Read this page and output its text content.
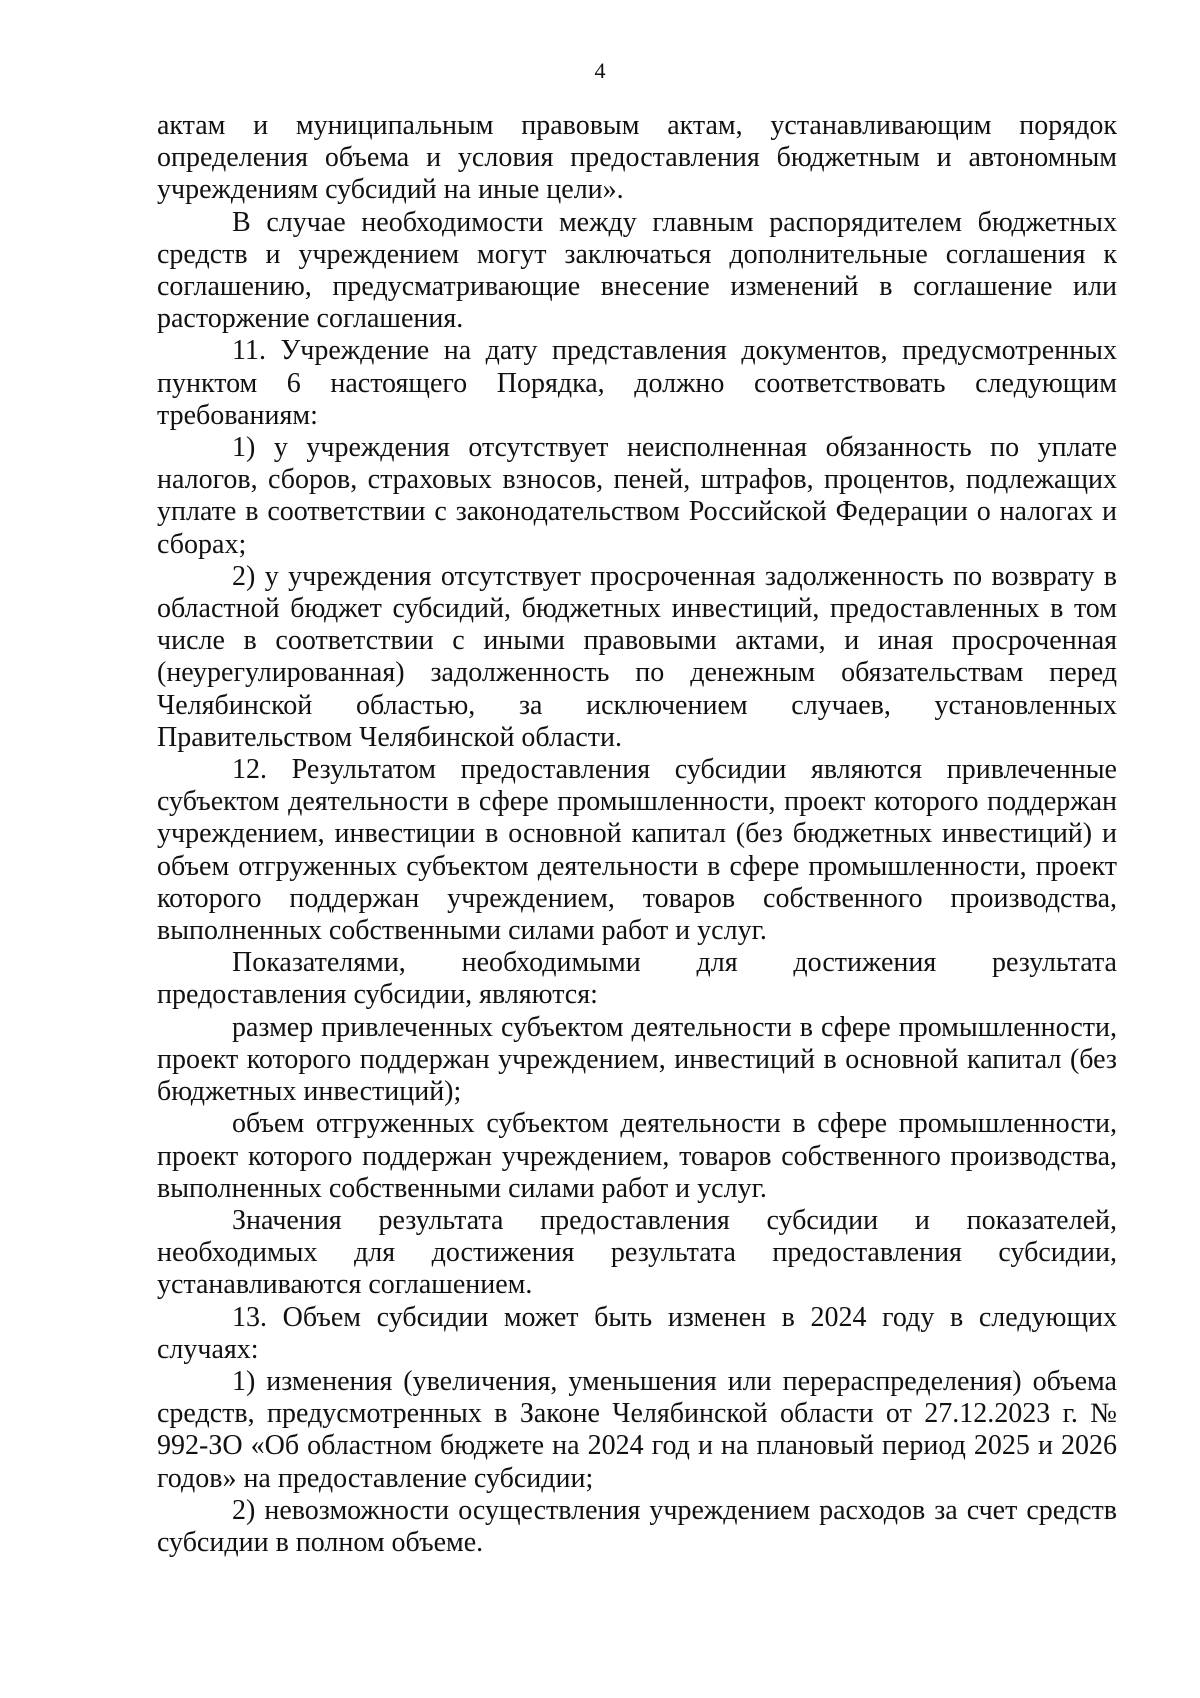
4

актам и муниципальным правовым актам, устанавливающим порядок определения объема и условия предоставления бюджетным и автономным учреждениям субсидий на иные цели».

В случае необходимости между главным распорядителем бюджетных средств и учреждением могут заключаться дополнительные соглашения к соглашению, предусматривающие внесение изменений в соглашение или расторжение соглашения.

11. Учреждение на дату представления документов, предусмотренных пунктом 6 настоящего Порядка, должно соответствовать следующим требованиям:

1) у учреждения отсутствует неисполненная обязанность по уплате налогов, сборов, страховых взносов, пеней, штрафов, процентов, подлежащих уплате в соответствии с законодательством Российской Федерации о налогах и сборах;

2) у учреждения отсутствует просроченная задолженность по возврату в областной бюджет субсидий, бюджетных инвестиций, предоставленных в том числе в соответствии с иными правовыми актами, и иная просроченная (неурегулированная) задолженность по денежным обязательствам перед Челябинской областью, за исключением случаев, установленных Правительством Челябинской области.

12. Результатом предоставления субсидии являются привлеченные субъектом деятельности в сфере промышленности, проект которого поддержан учреждением, инвестиции в основной капитал (без бюджетных инвестиций) и объем отгруженных субъектом деятельности в сфере промышленности, проект которого поддержан учреждением, товаров собственного производства, выполненных собственными силами работ и услуг.

Показателями, необходимыми для достижения результата предоставления субсидии, являются:

размер привлеченных субъектом деятельности в сфере промышленности, проект которого поддержан учреждением, инвестиций в основной капитал (без бюджетных инвестиций);

объем отгруженных субъектом деятельности в сфере промышленности, проект которого поддержан учреждением, товаров собственного производства, выполненных собственными силами работ и услуг.

Значения результата предоставления субсидии и показателей, необходимых для достижения результата предоставления субсидии, устанавливаются соглашением.

13. Объем субсидии может быть изменен в 2024 году в следующих случаях:

1) изменения (увеличения, уменьшения или перераспределения) объема средств, предусмотренных в Законе Челябинской области от 27.12.2023 г. № 992-ЗО «Об областном бюджете на 2024 год и на плановый период 2025 и 2026 годов» на предоставление субсидии;

2) невозможности осуществления учреждением расходов за счет средств субсидии в полном объеме.
